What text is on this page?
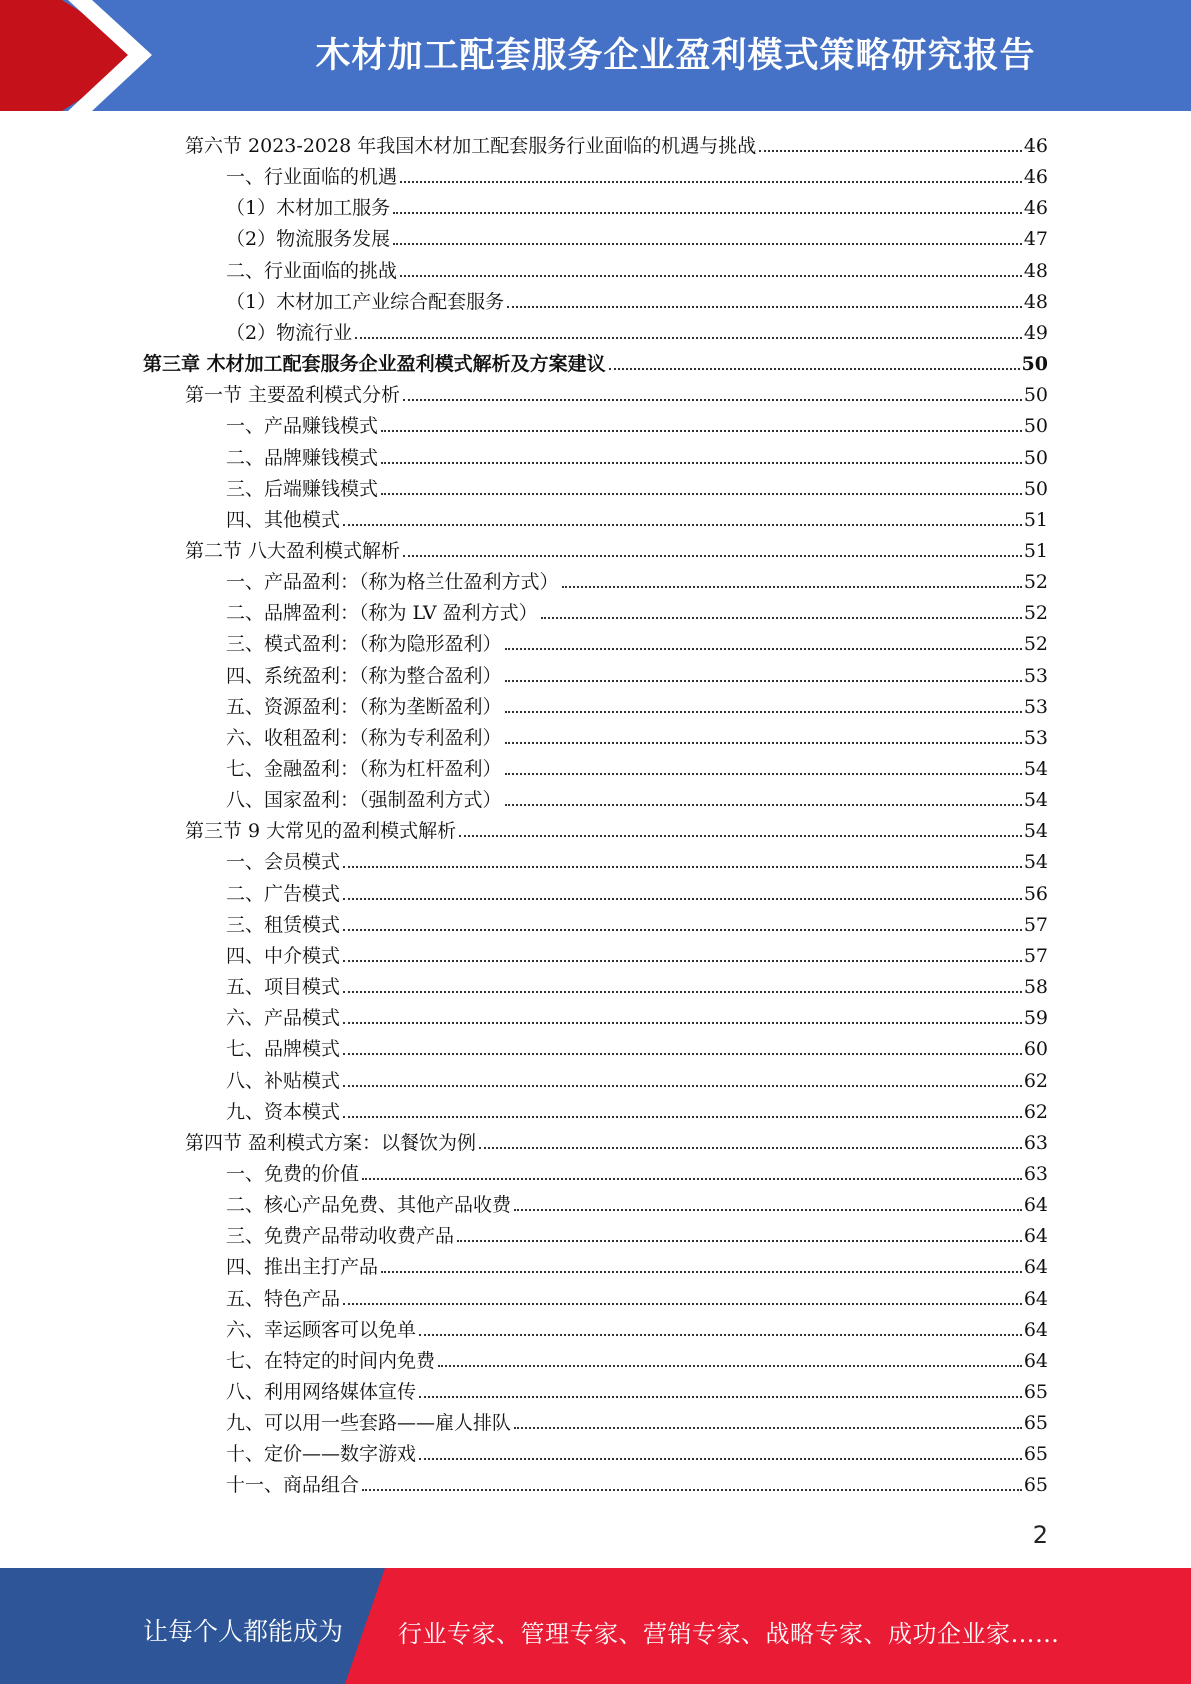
木材加工配套服务企业盈利模式策略研究报告
第六节 2023-2028 年我国木材加工配套服务行业面临的机遇与挑战	46
一、行业面临的机遇	46
（1）木材加工服务	46
（2）物流服务发展	47
二、行业面临的挑战	48
（1）木材加工产业综合配套服务	48
（2）物流行业	49
第三章 木材加工配套服务企业盈利模式解析及方案建议	50
第一节 主要盈利模式分析	50
一、产品赚钱模式	50
二、品牌赚钱模式	50
三、后端赚钱模式	50
四、其他模式	51
第二节 八大盈利模式解析	51
一、产品盈利：（称为格兰仕盈利方式）	52
二、品牌盈利：（称为 LV 盈利方式）	52
三、模式盈利：（称为隐形盈利）	52
四、系统盈利：（称为整合盈利）	53
五、资源盈利：（称为垄断盈利）	53
六、收租盈利：（称为专利盈利）	53
七、金融盈利：（称为杠杆盈利）	54
八、国家盈利：（强制盈利方式）	54
第三节 9 大常见的盈利模式解析	54
一、会员模式	54
二、广告模式	56
三、租赁模式	57
四、中介模式	57
五、项目模式	58
六、产品模式	59
七、品牌模式	60
八、补贴模式	62
九、资本模式	62
第四节 盈利模式方案：以餐饮为例	63
一、免费的价值	63
二、核心产品免费、其他产品收费	64
三、免费产品带动收费产品	64
四、推出主打产品	64
五、特色产品	64
六、幸运顾客可以免单	64
七、在特定的时间内免费	64
八、利用网络媒体宣传	65
九、可以用一些套路——雇人排队	65
十、定价——数字游戏	65
十一、商品组合	65
2
让每个人都能成为 行业专家、管理专家、营销专家、战略专家、成功企业家……
